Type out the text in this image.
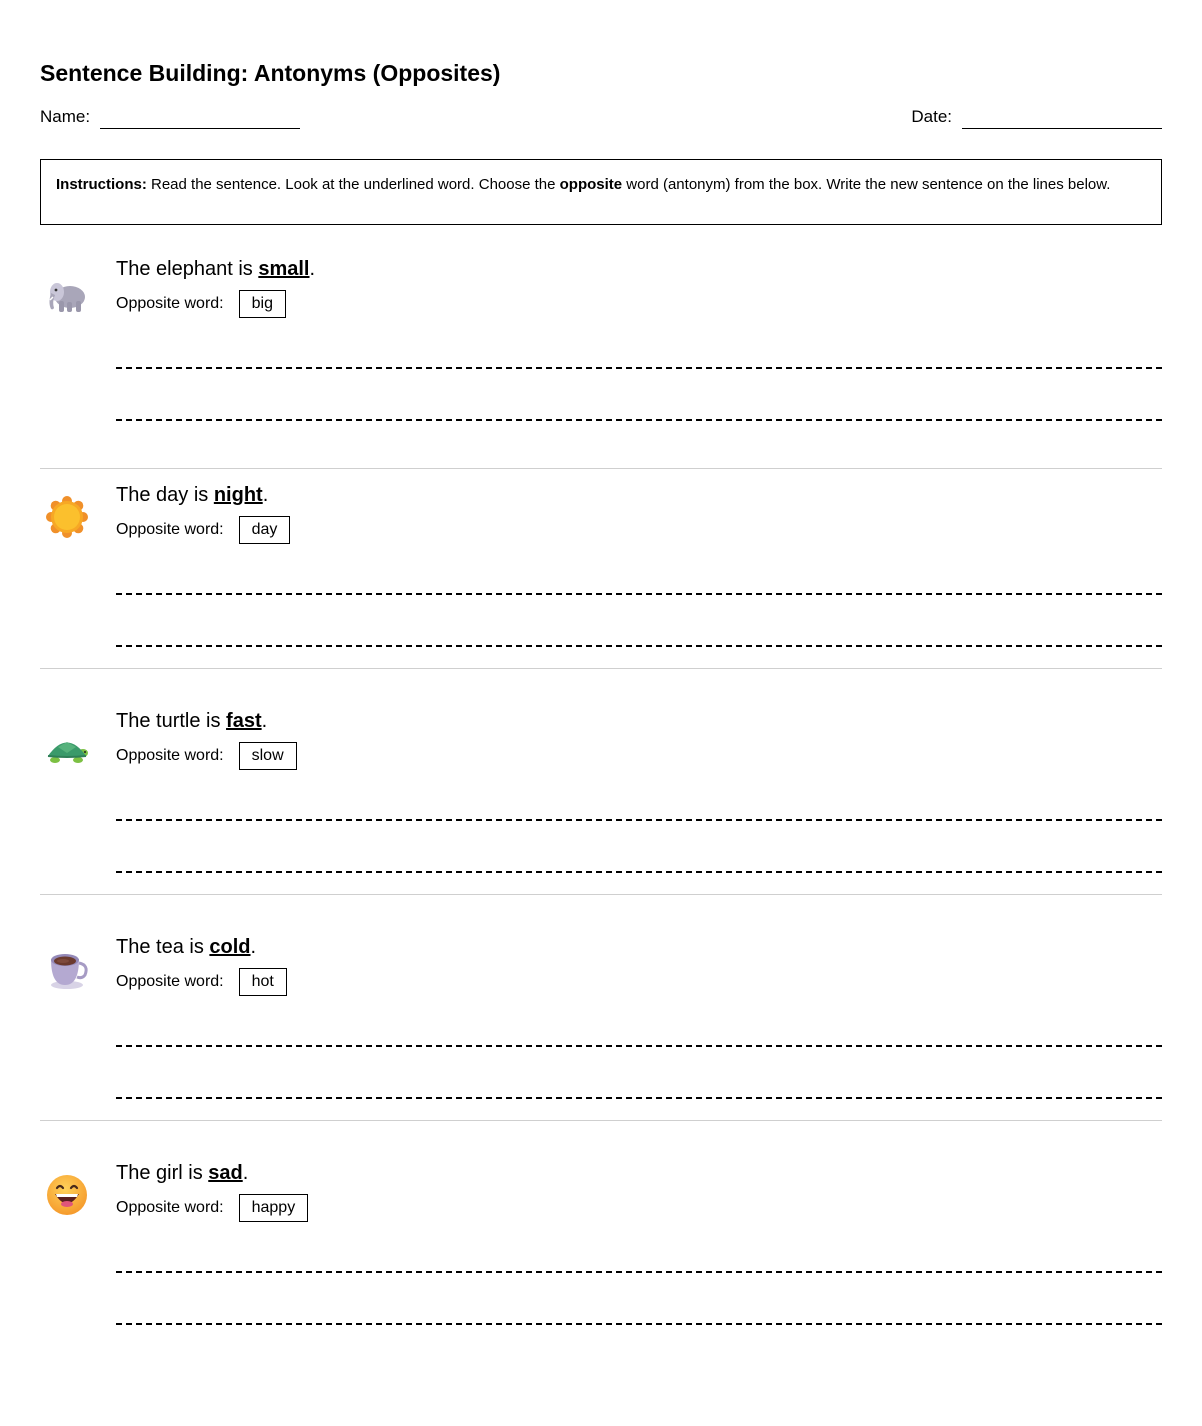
Sentence Building: Antonyms (Opposites)
Name:	Date:
Instructions: Read the sentence. Look at the underlined word. Choose the opposite word (antonym) from the box. Write the new sentence on the lines below.
The elephant is small.
Opposite word:	big
The day is night.
Opposite word:	day
The turtle is fast.
Opposite word:	slow
The tea is cold.
Opposite word:	hot
The girl is sad.
Opposite word:	happy
